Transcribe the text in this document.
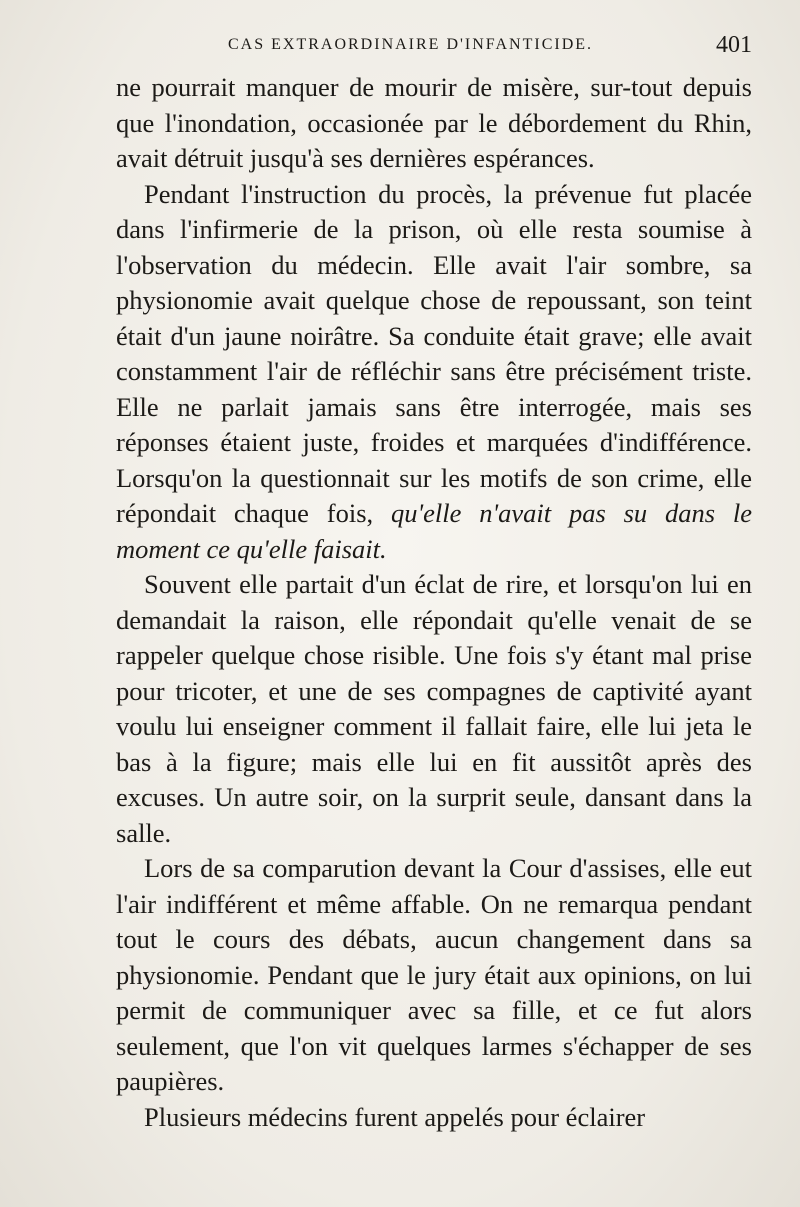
CAS EXTRAORDINAIRE D'INFANTICIDE.	401

ne pourrait manquer de mourir de misère, sur-tout depuis que l'inondation, occasionée par le débordement du Rhin, avait détruit jusqu'à ses dernières espérances.

Pendant l'instruction du procès, la prévenue fut placée dans l'infirmerie de la prison, où elle resta soumise à l'observation du médecin. Elle avait l'air sombre, sa physionomie avait quelque chose de repoussant, son teint était d'un jaune noirâtre. Sa conduite était grave; elle avait constamment l'air de réfléchir sans être précisément triste. Elle ne parlait jamais sans être interrogée, mais ses réponses étaient juste, froides et marquées d'indifférence. Lorsqu'on la questionnait sur les motifs de son crime, elle répondait chaque fois, qu'elle n'avait pas su dans le moment ce qu'elle faisait.

Souvent elle partait d'un éclat de rire, et lorsqu'on lui en demandait la raison, elle répondait qu'elle venait de se rappeler quelque chose risible. Une fois s'y étant mal prise pour tricoter, et une de ses compagnes de captivité ayant voulu lui enseigner comment il fallait faire, elle lui jeta le bas à la figure; mais elle lui en fit aussitôt après des excuses. Un autre soir, on la surprit seule, dansant dans la salle.

Lors de sa comparution devant la Cour d'assises, elle eut l'air indifférent et même affable. On ne remarqua pendant tout le cours des débats, aucun changement dans sa physionomie. Pendant que le jury était aux opinions, on lui permit de communiquer avec sa fille, et ce fut alors seulement, que l'on vit quelques larmes s'échapper de ses paupières.

Plusieurs médecins furent appelés pour éclairer
